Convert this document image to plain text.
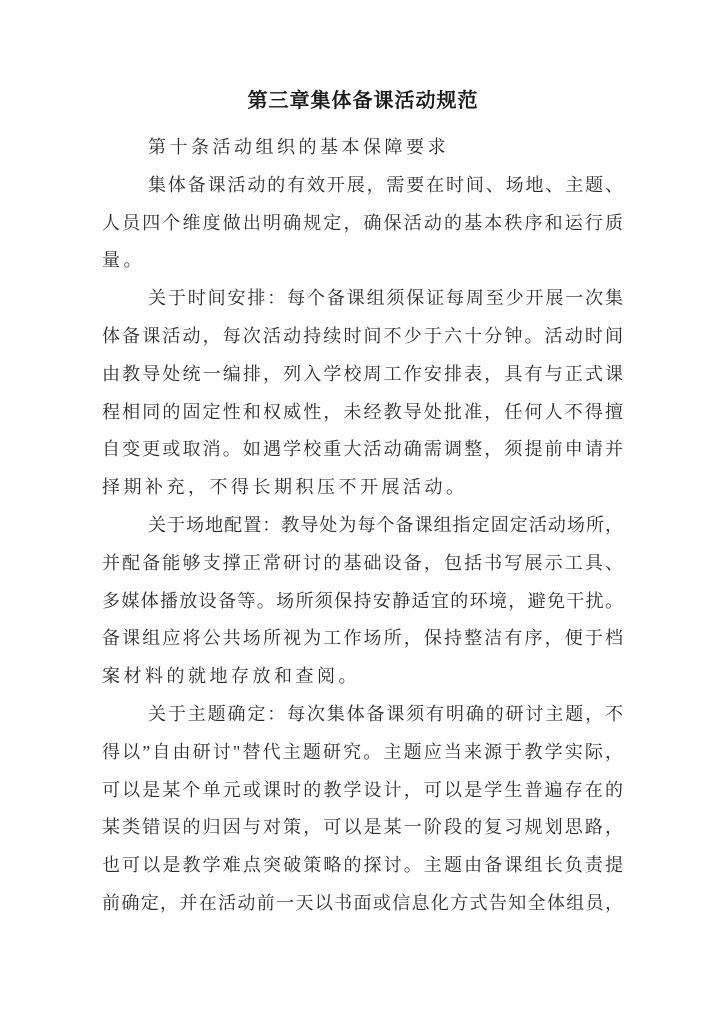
第三章集体备课活动规范
第十条活动组织的基本保障要求
集体备课活动的有效开展，需要在时间、场地、主题、
人员四个维度做出明确规定，确保活动的基本秩序和运行质
量。
关于时间安排：每个备课组须保证每周至少开展一次集
体备课活动，每次活动持续时间不少于六十分钟。活动时间
由教导处统一编排，列入学校周工作安排表，具有与正式课
程相同的固定性和权威性，未经教导处批准，任何人不得擅
自变更或取消。如遇学校重大活动确需调整，须提前申请并
择期补充，不得长期积压不开展活动。
关于场地配置：教导处为每个备课组指定固定活动场所，
并配备能够支撑正常研讨的基础设备，包括书写展示工具、
多媒体播放设备等。场所须保持安静适宜的环境，避免干扰。
备课组应将公共场所视为工作场所，保持整洁有序，便于档
案材料的就地存放和查阅。
关于主题确定：每次集体备课须有明确的研讨主题，不
得以”自由研讨"替代主题研究。主题应当来源于教学实际，
可以是某个单元或课时的教学设计，可以是学生普遍存在的
某类错误的归因与对策，可以是某一阶段的复习规划思路，
也可以是教学难点突破策略的探讨。主题由备课组长负责提
前确定，并在活动前一天以书面或信息化方式告知全体组员，
